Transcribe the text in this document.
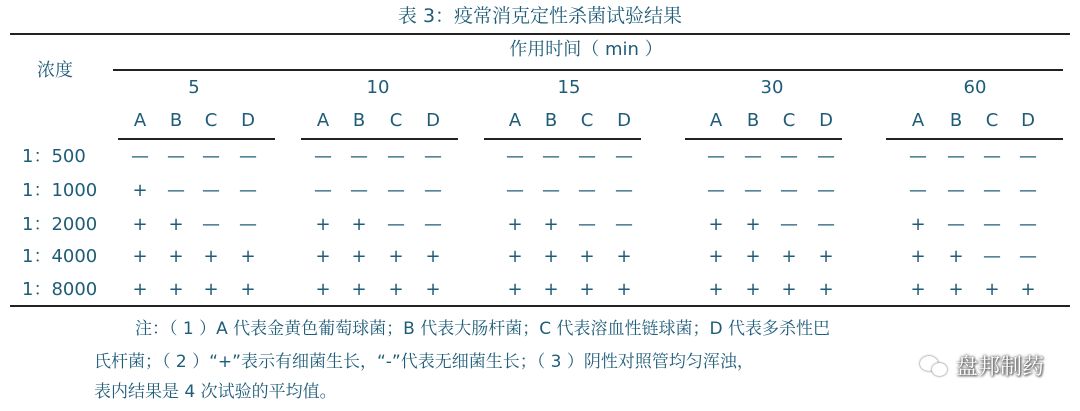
表 3：疫常消克定性杀菌试验结果
浓度
作用时间（ min ）
5
A B C D
10
A B C D
15
A B C D
30
A B C D
60
A B C D
1：500	— — — —	— — — —	— — — —	— — — —	— — — —
1：1000 + — — —	— — — —	— — — —	— — — —	— — — —
1：2000 + + — —	+ + — —	+ + — —	+ + — —	+ — — —
1：4000 + + + +	+ + + +	+ + + +	+ + + +	+ + — —
1：8000 + + + +	+ + + +	+ + + +	+ + + +	+ + + +
注：（ 1 ）A 代表金黄色葡萄球菌；B 代表大肠杆菌；C 代表溶血性链球菌；D 代表多杀性巴
氏杆菌；（ 2 ）“+”表示有细菌生长，“-”代表无细菌生长；（ 3 ）阴性对照管均匀浑浊，
表内结果是 4 次试验的平均值。
盘邦制药
